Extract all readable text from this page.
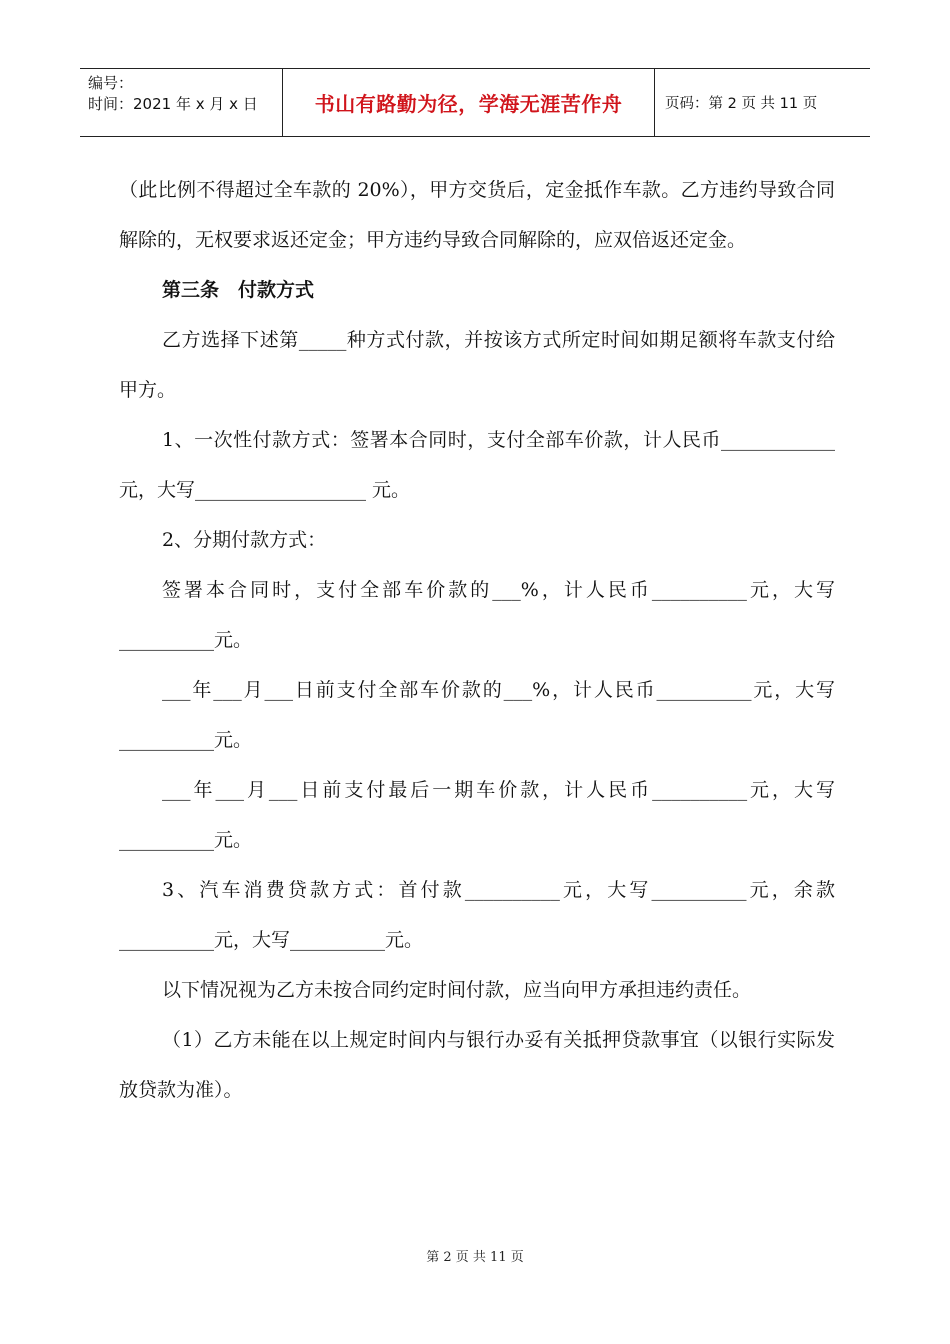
编号：
时间：2021 年 x 月 x 日	书山有路勤为径，学海无涯苦作舟	页码：第 2 页 共 11 页

（此比例不得超过全车款的 20%），甲方交货后，定金抵作车款。乙方违约导致合同解除的，无权要求返还定金；甲方违约导致合同解除的，应双倍返还定金。

第三条　付款方式

乙方选择下述第_____种方式付款，并按该方式所定时间如期足额将车款支付给甲方。

1、一次性付款方式：签署本合同时，支付全部车价款，计人民币____________ 元，大写__________________ 元。

2、分期付款方式：

签署本合同时，支付全部车价款的___%，计人民币__________元，大写__________元。

___年___月___日前支付全部车价款的___%，计人民币__________元，大写__________元。

___年___月___日前支付最后一期车价款，计人民币__________元，大写__________元。

3、汽车消费贷款方式：首付款__________元，大写__________元，余款__________元，大写__________元。

以下情况视为乙方未按合同约定时间付款，应当向甲方承担违约责任。

（1）乙方未能在以上规定时间内与银行办妥有关抵押贷款事宜（以银行实际发放贷款为准）。

第 2 页 共 11 页
